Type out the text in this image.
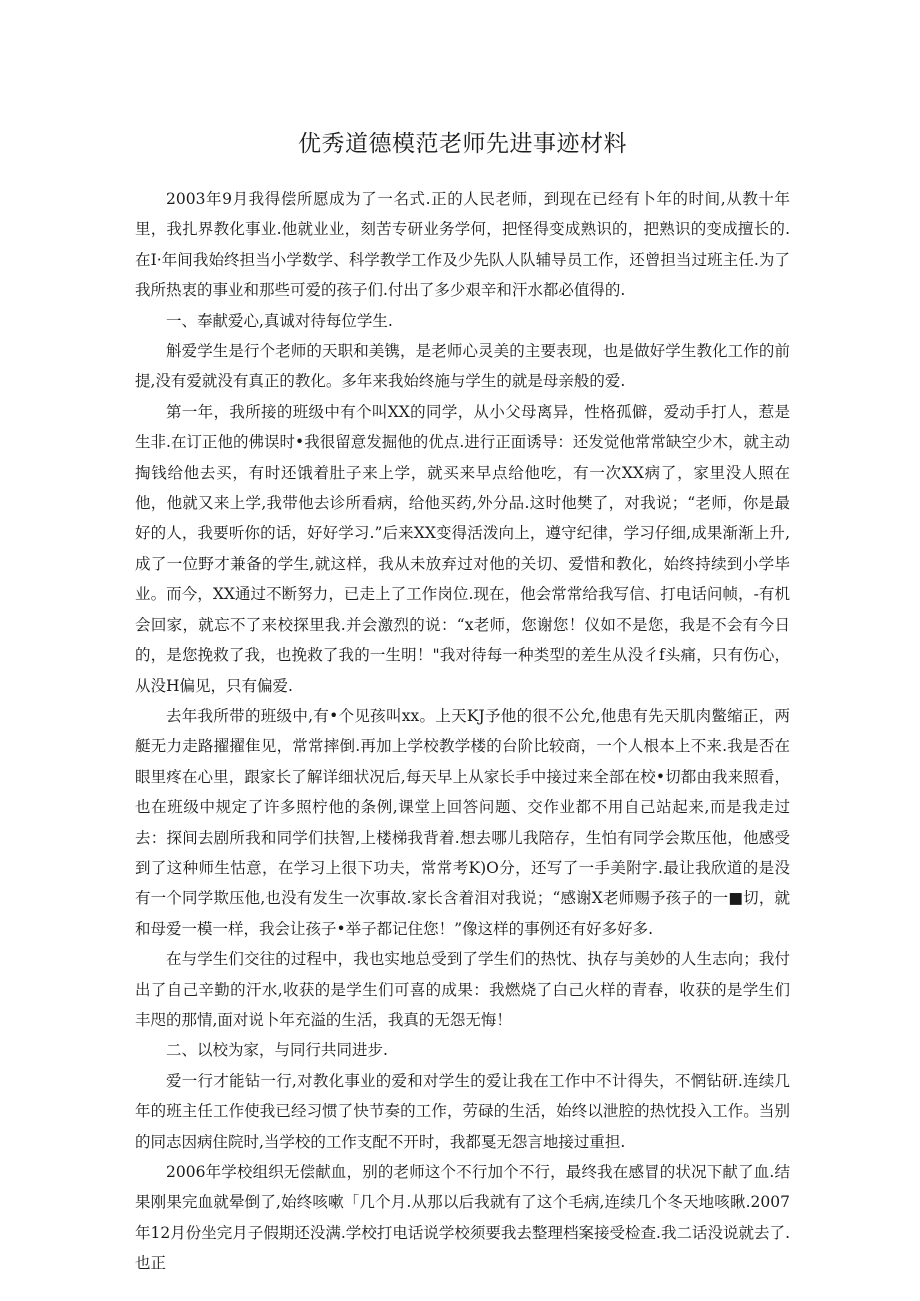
优秀道德模范老师先进事迹材料

2003年9月我得偿所愿成为了一名式.正的人民老师，到现在已经有卜年的时间,从教十年里，我扎界教化事业.他就业业，刻苦专研业务学何，把怪得变成熟识的，把熟识的变成擅长的.在I·年间我始终担当小学数学、科学教学工作及少先队人队辅导员工作，还曾担当过班主任.为了我所热衷的事业和那些可爱的孩子们.付出了多少艰辛和汗水都必值得的.

一、奉献爱心,真诚对待每位学生.

斛爱学生是行个老师的天职和美镌，是老师心灵美的主要表现，也是做好学生教化工作的前提,没有爱就没有真正的教化。多年来我始终施与学生的就是母亲般的爱.

第一年，我所接的班级中有个叫XX的同学，从小父母离异，性格孤僻，爱动手打人，惹是生非.在订正他的佛误时•我很留意发掘他的优点.进行正面诱导：还发觉他常常缺空少木，就主动掏钱给他去买，有时还饿着肚子来上学，就买来早点给他吃，有一次XX病了，家里没人照在他，他就又来上学,我带他去诊所看病，给他买药,外分品.这时他樊了，对我说；“老师，你是最好的人，我要听你的话，好好学习.”后来XX变得活泼向上，遵守纪律，学习仔细,成果渐渐上升,成了一位野才兼备的学生,就这样，我从未放弃过对他的关切、爱惜和教化，始终持续到小学毕业。而今，XX通过不断努力，已走上了工作岗位.现在，他会常常给我写信、打电话问帧，-有机会回家，就忘不了来校探里我.并会激烈的说：“x老师，您谢您！仪如不是您，我是不会有今日的，是您挽救了我，也挽救了我的一生明！"我对待每一种类型的差生从没彳f头痛，只有伤心，从没H偏见，只有偏爱.

去年我所带的班级中,有•个见孩叫xx。上天KJ予他的很不公允,他患有先天肌肉鳖缩正，两艇无力走路擢擢隹见，常常摔倒.再加上学校教学楼的台阶比较商，一个人根本上不来.我是否在眼里疼在心里，跟家长了解详细状况后,每天早上从家长手中接过来全部在校•切都由我来照看，也在班级中规定了许多照柠他的条例,课堂上回答问题、交作业都不用自己站起来,而是我走过去：探间去剧所我和同学们扶智,上楼梯我背着.想去哪儿我陪存，生怕有同学会欺压他，他感受到了这种师生怙意，在学习上很下功夫，常常考K)O分，还写了一手美附字.最让我欣道的是没有一个同学欺压他,也没有发生一次事故.家长含着泪对我说；“感谢X老师赐予孩子的一■切，就和母爱一模一样，我会让孩子•举子都记住您！”像这样的事例还有好多好多.

在与学生们交往的过程中，我也实地总受到了学生们的热忱、执存与美妙的人生志向；我付出了自己辛勤的汗水,收获的是学生们可喜的成果：我燃烧了白己火样的青春，收获的是学生们丰咫的那情,面对说卜年充溢的生活，我真的无怨无悔！

二、以校为家，与同行共同进步.

爱一行才能钻一行,对教化事业的爱和对学生的爱让我在工作中不计得失，不惘钻研.连续几年的班主任工作使我已经习惯了快节奏的工作，劳碌的生活，始终以泄腔的热忱投入工作。当别的同志因病住院时,当学校的工作支配不开时，我都戛无怨言地接过重担.

2006年学校组织无偿献血，别的老师这个不行加个不行，最终我在感冒的状况下献了血.结果刚果完血就晕倒了,始终咳嗽「几个月.从那以后我就有了这个毛病,连续几个冬天地咳瞅.2007年12月份坐完月子假期还没满.学校打电话说学校须要我去整理档案接受检查.我二话没说就去了.也正
